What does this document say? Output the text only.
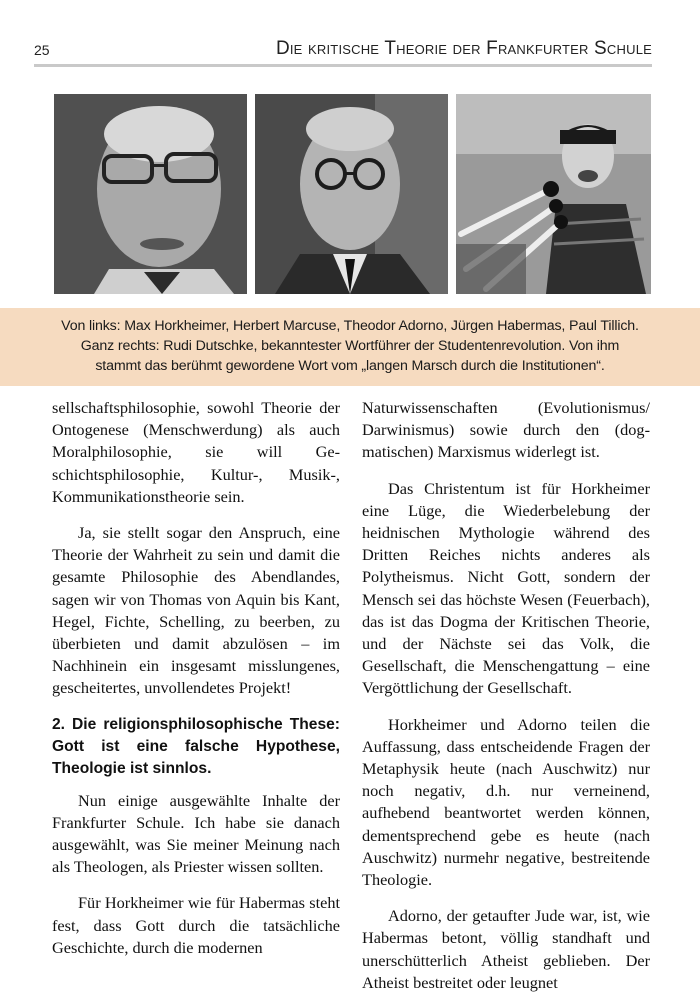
25	Die kritische Theorie der Frankfurter Schule
Von links: Max Horkheimer, Herbert Marcuse, Theodor Adorno, Jürgen Habermas, Paul Tillich.
Ganz rechts: Rudi Dutschke, bekanntester Wortführer der Studentenrevolution. Von ihm
stammt das berühmt gewordene Wort vom „langen Marsch durch die Institutionen“.

sellschaftsphilosophie, sowohl Theorie der Ontogenese (Menschwerdung) als auch Moralphilosophie, sie will Geschichtsphilosophie, Kultur-, Musik-, Kommunikationstheorie sein.

Ja, sie stellt sogar den Anspruch, eine Theorie der Wahrheit zu sein und damit die gesamte Philosophie des Abendlandes, sagen wir von Thomas von Aquin bis Kant, Hegel, Fichte, Schelling, zu beerben, zu überbieten und damit abzulösen – im Nachhinein ein insgesamt misslungenes, gescheitertes, unvollendetes Projekt!

2. Die religionsphilosophische These: Gott ist eine falsche Hypothese, Theologie ist sinnlos.

Nun einige ausgewählte Inhalte der Frankfurter Schule. Ich habe sie danach ausgewählt, was Sie meiner Meinung nach als Theologen, als Priester wissen sollten.

Für Horkheimer wie für Habermas steht fest, dass Gott durch die tatsächliche Geschichte, durch die modernen

Naturwissenschaften (Evolutionismus/ Darwinismus) sowie durch den (dogmatischen) Marxismus widerlegt ist.

Das Christentum ist für Horkheimer eine Lüge, die Wiederbelebung der heidnischen Mythologie während des Dritten Reiches nichts anderes als Polytheismus. Nicht Gott, sondern der Mensch sei das höchste Wesen (Feuerbach), das ist das Dogma der Kritischen Theorie, und der Nächste sei das Volk, die Gesellschaft, die Menschengattung – eine Vergöttlichung der Gesellschaft.

Horkheimer und Adorno teilen die Auffassung, dass entscheidende Fragen der Metaphysik heute (nach Auschwitz) nur noch negativ, d.h. nur verneinend, aufhebend beantwortet werden können, dementsprechend gebe es heute (nach Auschwitz) nurmehr negative, bestreitende Theologie.

Adorno, der getaufter Jude war, ist, wie Habermas betont, völlig standhaft und unerschütterlich Atheist geblieben. Der Atheist bestreitet oder leugnet
